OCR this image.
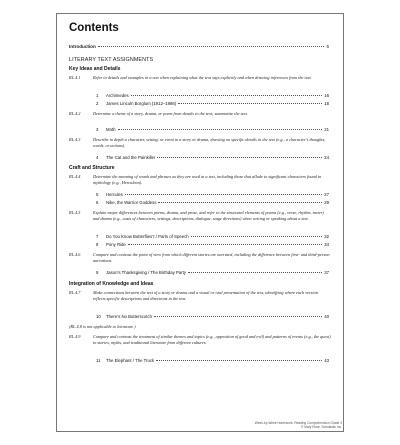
Contents
Introduction	5
LITERARY TEXT ASSIGNMENTS
Key Ideas and Details
RL.4.1	Refer to details and examples in a text when explaining what the text says explicitly and when drawing inferences from the text.
1	Archimedes	16
2	James Lincoln Borglum (1912–1986)	18
RL.4.2	Determine a theme of a story, drama, or poem from details in the text; summarize the text.
3	Moth	21
RL.4.3	Describe in depth a character, setting, or event in a story or drama, drawing on specific details in the text (e.g., a character’s thoughts, words, or actions).
4	The Cat and the Painkiller	24
Craft and Structure
RL.4.4	Determine the meaning of words and phrases as they are used in a text, including those that allude to significant characters found in mythology (e.g., Herculean).
5	Hercules	27
6	Nike, the Warrior Goddess	29
RL.4.5	Explain major differences between poems, drama, and prose, and refer to the structural elements of poems (e.g., verse, rhythm, meter) and drama (e.g., casts of characters, settings, descriptions, dialogue, stage directions) when writing or speaking about a text.
7	Do You Know Butterflies? / Parts of Speech	32
8	Pony Ride	34
RL.4.6	Compare and contrast the point of view from which different stories are narrated, including the difference between first- and third-person narrations.
9	Jason’s Thanksgiving / The Birthday Party	37
Integration of Knowledge and Ideas
RL.4.7	Make connections between the text of a story or drama and a visual or oral presentation of the text, identifying where each version reflects specific descriptions and directions in the text.
10	There’s No Butterscotch	40
(RL.4.8 is not applicable to literature.)
RL.4.9	Compare and contrast the treatment of similar themes and topics (e.g., opposition of good and evil) and patterns of events (e.g., the quest) in stories, myths, and traditional literature from different cultures.
11	The Elephant / The Truck	43
Week-by-Week Homework: Reading Comprehension Grade 4
© Mary Rose, Scholastic Inc.
